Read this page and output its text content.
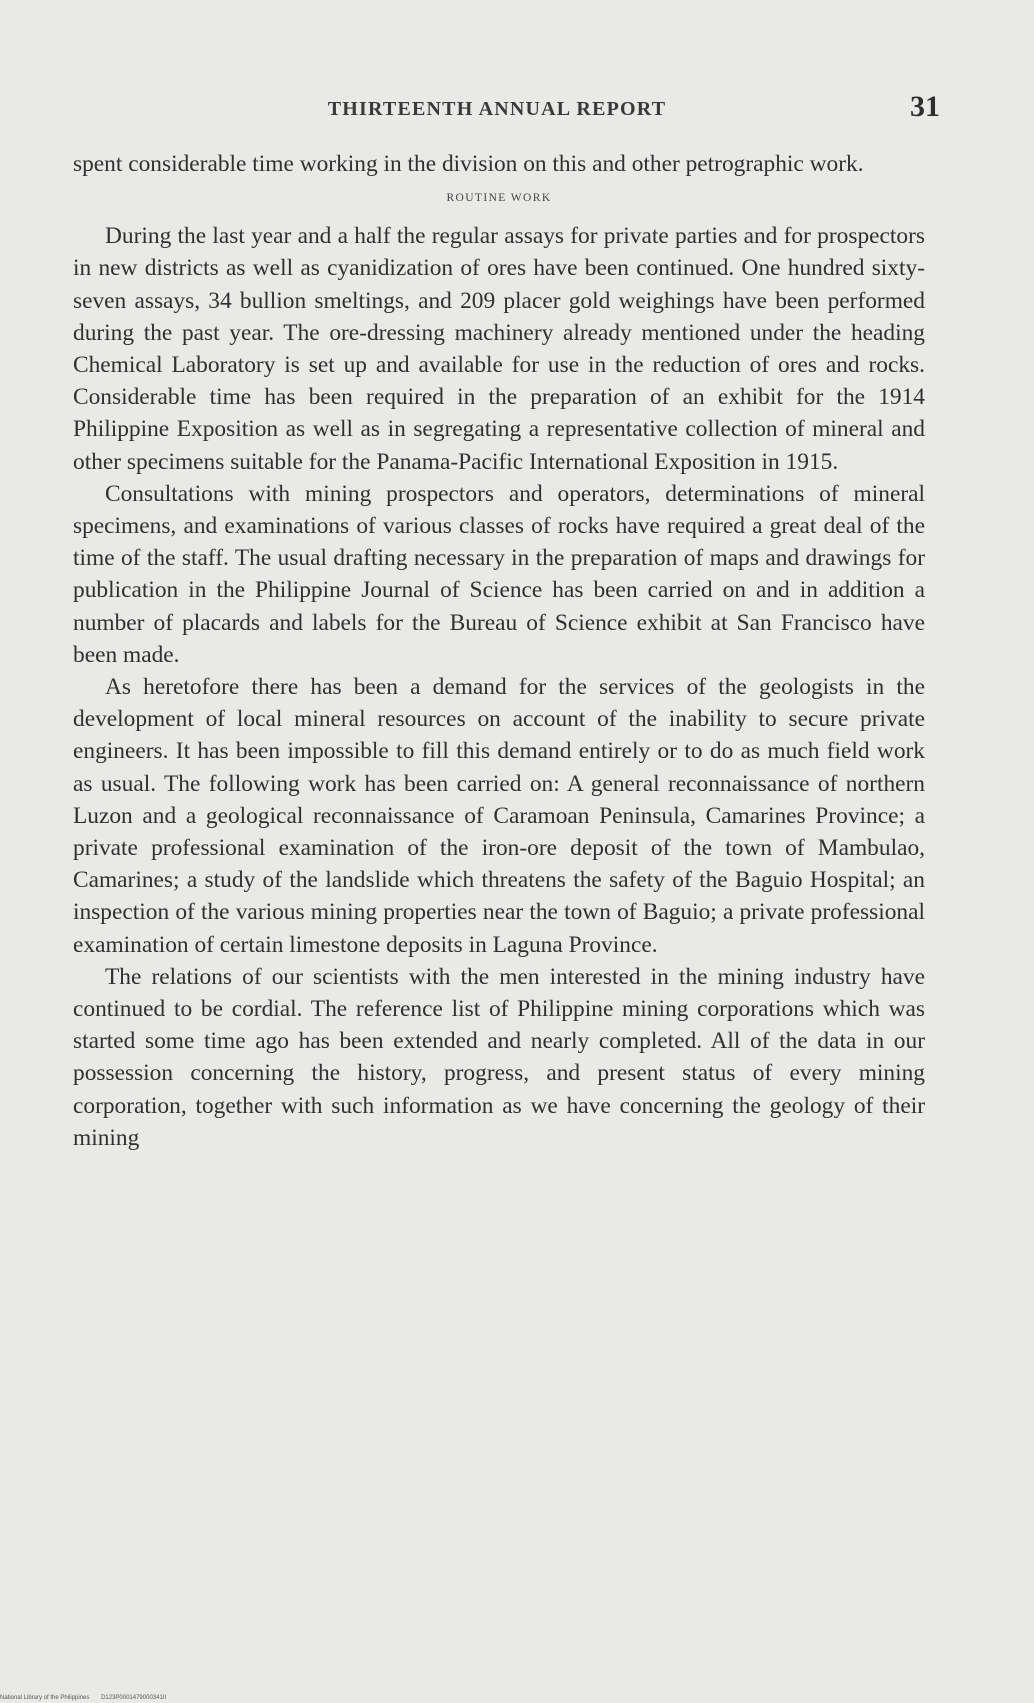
THIRTEENTH ANNUAL REPORT	31

spent considerable time working in the division on this and other petrographic work.

ROUTINE WORK

During the last year and a half the regular assays for private parties and for prospectors in new districts as well as cyanidization of ores have been continued. One hundred sixty-seven assays, 34 bullion smeltings, and 209 placer gold weighings have been performed during the past year. The ore-dressing machinery already mentioned under the heading Chemical Laboratory is set up and available for use in the reduction of ores and rocks. Considerable time has been required in the preparation of an exhibit for the 1914 Philippine Exposition as well as in segregating a representative collection of mineral and other specimens suitable for the Panama-Pacific International Exposition in 1915.

Consultations with mining prospectors and operators, determinations of mineral specimens, and examinations of various classes of rocks have required a great deal of the time of the staff. The usual drafting necessary in the preparation of maps and drawings for publication in the Philippine Journal of Science has been carried on and in addition a number of placards and labels for the Bureau of Science exhibit at San Francisco have been made.

As heretofore there has been a demand for the services of the geologists in the development of local mineral resources on account of the inability to secure private engineers. It has been impossible to fill this demand entirely or to do as much field work as usual. The following work has been carried on: A general reconnaissance of northern Luzon and a geological reconnaissance of Caramoan Peninsula, Camarines Province; a private professional examination of the iron-ore deposit of the town of Mambulao, Camarines; a study of the landslide which threatens the safety of the Baguio Hospital; an inspection of the various mining properties near the town of Baguio; a private professional examination of certain limestone deposits in Laguna Province.

The relations of our scientists with the men interested in the mining industry have continued to be cordial. The reference list of Philippine mining corporations which was started some time ago has been extended and nearly completed. All of the data in our possession concerning the history, progress, and present status of every mining corporation, together with such information as we have concerning the geology of their mining

National Library of the Philippines D123P0001479000341II
